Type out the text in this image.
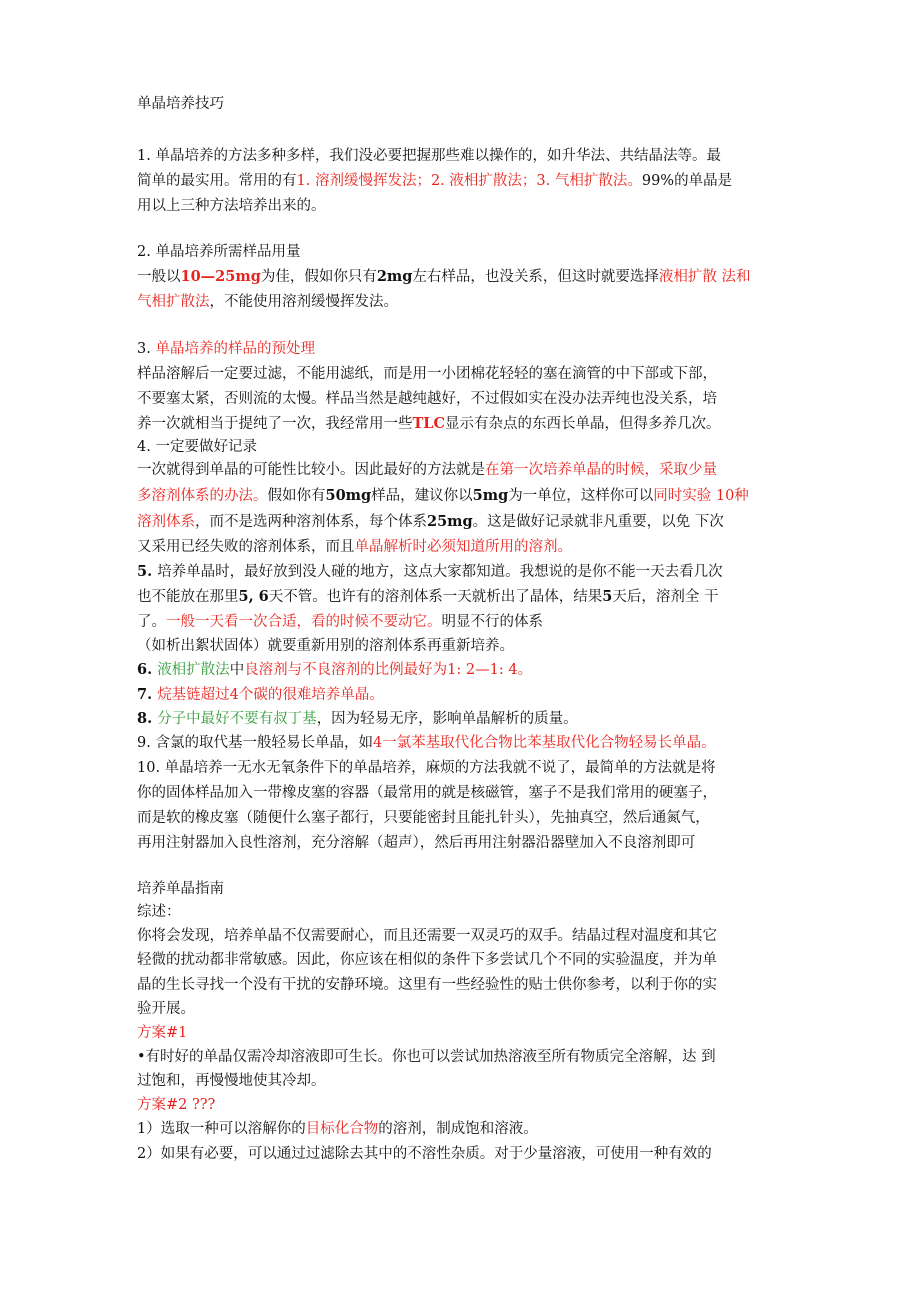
单晶培养技巧
1. 单晶培养的方法多种多样，我们没必要把握那些难以操作的，如升华法、共结晶法等。最
简单的最实用。常用的有1. 溶剂缓慢挥发法；2. 液相扩散法；3. 气相扩散法。99%的单晶是
用以上三种方法培养出来的。
2. 单晶培养所需样品用量
一般以10—25mg为佳，假如你只有2mg左右样品，也没关系，但这时就要选择液相扩散 法和
气相扩散法，不能使用溶剂缓慢挥发法。
3. 单晶培养的样品的预处理
样品溶解后一定要过滤，不能用滤纸，而是用一小团棉花轻轻的塞在滴管的中下部或下部，
不要塞太紧，否则流的太慢。样品当然是越纯越好，不过假如实在没办法弄纯也没关系，培
养一次就相当于提纯了一次，我经常用一些TLC显示有杂点的东西长单晶，但得多养几次。
4. 一定要做好记录
一次就得到单晶的可能性比较小。因此最好的方法就是在第一次培养单晶的时候，采取少量
多溶剂体系的办法。假如你有50mg样品，建议你以5mg为一单位，这样你可以同时实验 10种
溶剂体系，而不是选两种溶剂体系，每个体系25mg。这是做好记录就非凡重要，以免 下次
又采用已经失败的溶剂体系，而且单晶解析时必须知道所用的溶剂。
5. 培养单晶时，最好放到没人碰的地方，这点大家都知道。我想说的是你不能一天去看几次
也不能放在那里5, 6天不管。也许有的溶剂体系一天就析出了晶体，结果5天后，溶剂全 干
了。一般一天看一次合适，看的时候不要动它。明显不行的体系
（如析出絮状固体）就要重新用别的溶剂体系再重新培养。
6. 液相扩散法中良溶剂与不良溶剂的比例最好为1: 2—1: 4。
7. 烷基链超过4个碳的很难培养单晶。
8. 分子中最好不要有叔丁基，因为轻易无序，影响单晶解析的质量。
9. 含氯的取代基一般轻易长单晶，如4一氯苯基取代化合物比苯基取代化合物轻易长单晶。
10. 单晶培养一无水无氧条件下的单晶培养，麻烦的方法我就不说了，最简单的方法就是将
你的固体样品加入一带橡皮塞的容器（最常用的就是核磁管，塞子不是我们常用的硬塞子，
而是软的橡皮塞（随便什么塞子都行，只要能密封且能扎针头），先抽真空，然后通氮气，
再用注射器加入良性溶剂，充分溶解（超声），然后再用注射器沿器壁加入不良溶剂即可
培养单晶指南
综述：
你将会发现，培养单晶不仅需要耐心，而且还需要一双灵巧的双手。结晶过程对温度和其它
轻微的扰动都非常敏感。因此，你应该在相似的条件下多尝试几个不同的实验温度，并为单
晶的生长寻找一个没有干扰的安静环境。这里有一些经验性的贴士供你参考，以利于你的实
验开展。
方案#1
•有时好的单晶仅需冷却溶液即可生长。你也可以尝试加热溶液至所有物质完全溶解，达 到
过饱和，再慢慢地使其冷却。
方案#2 ???
1）选取一种可以溶解你的目标化合物的溶剂，制成饱和溶液。
2）如果有必要，可以通过过滤除去其中的不溶性杂质。对于少量溶液，可使用一种有效的
